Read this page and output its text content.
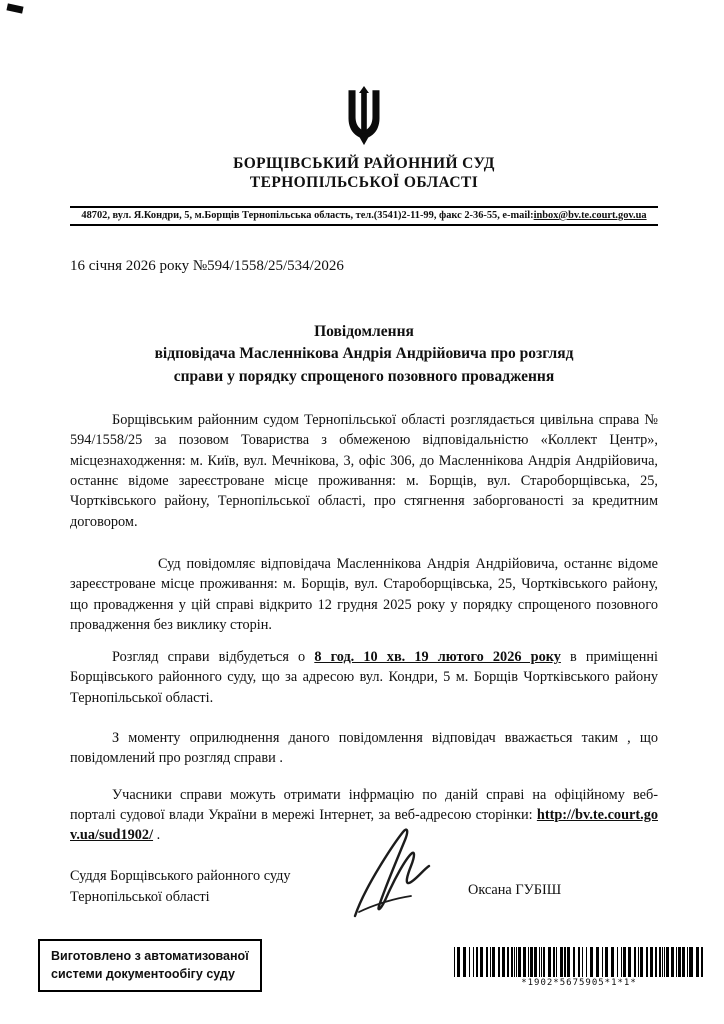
БОРЩІВСЬКИЙ РАЙОННИЙ СУД
ТЕРНОПІЛЬСЬКОЇ ОБЛАСТІ
48702, вул. Я.Кондри, 5, м.Борщів Тернопільська область, тел.(3541)2-11-99, факс 2-36-55, e-mail:inbox@bv.te.court.gov.ua
16 січня 2026 року №594/1558/25/534/2026
Повідомлення
відповідача Масленнікова Андрія Андрійовича про розгляд
справи у порядку спрощеного позовного провадження

Борщівським районним судом Тернопільської області розглядається цивільна справа № 594/1558/25 за позовом Товариства з обмеженою відповідальністю «Коллект Центр», місцезнаходження: м. Київ, вул. Мечнікова, 3, офіс 306, до Масленнікова Андрія Андрійовича, останнє відоме зареєстроване місце проживання: м. Борщів, вул. Староборщівська, 25, Чортківського району, Тернопільської області, про стягнення заборгованості за кредитним договором.

Суд повідомляє відповідача Масленнікова Андрія Андрійовича, останнє відоме зареєстроване місце проживання: м. Борщів, вул. Староборщівська, 25, Чортківського району, що провадження у цій справі відкрито 12 грудня 2025 року у порядку спрощеного позовного провадження без виклику сторін.

Розгляд справи відбудеться о 8 год. 10 хв. 19 лютого 2026 року в приміщенні Борщівського районного суду, що за адресою вул. Кондри, 5 м. Борщів Чортківського району Тернопільської області.

З моменту оприлюднення даного повідомлення відповідач вважається таким , що повідомлений про розгляд справи .

Учасники справи можуть отримати інфрмацію по даній справі на офіційному веб-порталі судової влади України в мережі Інтернет, за веб-адресою сторінки: http://bv.te.court.gov.ua/sud1902/ .

Суддя Борщівського районного суду
Тернопільської області	Оксана ГУБІШ
Виготовлено з автоматизованої
системи документообігу суду
*1902*5675905*1*1*
